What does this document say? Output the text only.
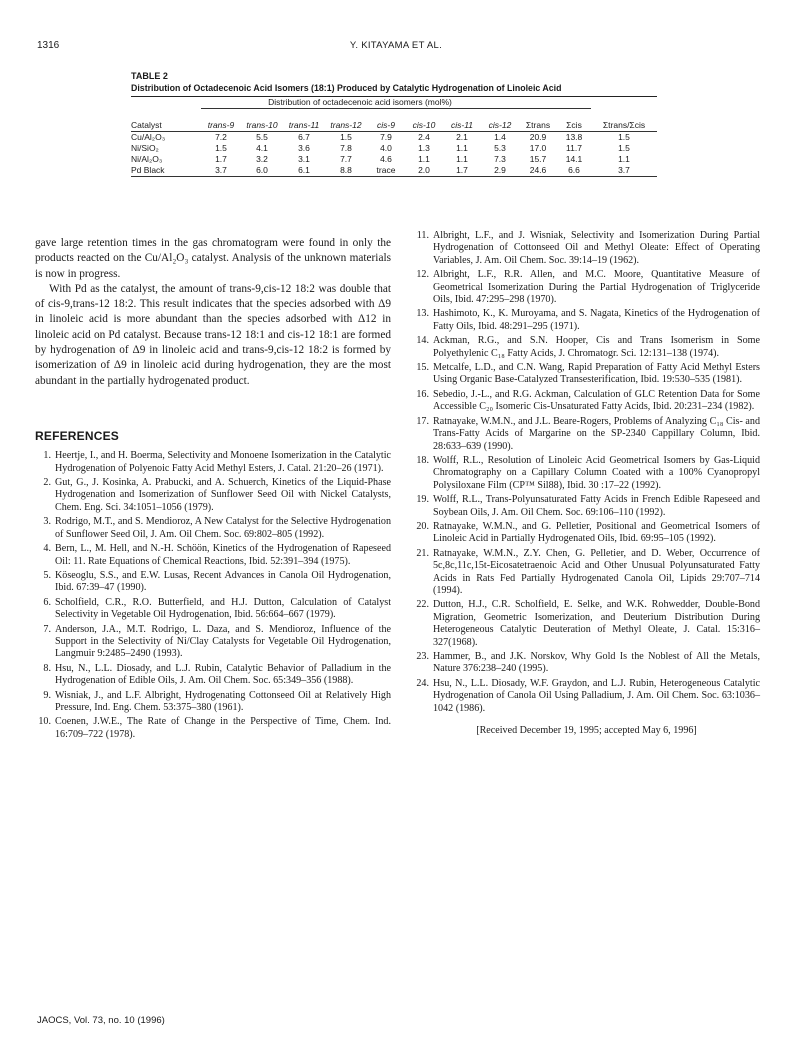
1316	Y. KITAYAMA ET AL.
TABLE 2
Distribution of Octadecenoic Acid Isomers (18:1) Produced by Catalytic Hydrogenation of Linoleic Acid
	Distribution of octadecenoic acid isomers (mol%)										

Catalyst	trans-9	trans-10	trans-11	trans-12	cis-9	cis-10	cis-11	cis-12	Σtrans	Σcis	Σtrans/Σcis
Cu/Al₂O₃	7.2	5.5	6.7	1.5	7.9	2.4	2.1	1.4	20.9	13.8	1.5
Ni/SiO₂	1.5	4.1	3.6	7.8	4.0	1.3	1.1	5.3	17.0	11.7	1.5
Ni/Al₂O₃	1.7	3.2	3.1	7.7	4.6	1.1	1.1	7.3	15.7	14.1	1.1
Pd Black	3.7	6.0	6.1	8.8	trace	2.0	1.7	2.9	24.6	6.6	3.7

gave large retention times in the gas chromatogram were found in only the products reacted on the Cu/Al₂O₃ catalyst. Analysis of the unknown materials is now in progress.

With Pd as the catalyst, the amount of trans-9,cis-12 18:2 was double that of cis-9,trans-12 18:2. This result indicates that the species adsorbed with Δ9 in linoleic acid is more abundant than the species adsorbed with Δ12 in linoleic acid on Pd catalyst. Because trans-12 18:1 and cis-12 18:1 are formed by hydrogenation of Δ9 in linoleic acid and trans-9,cis-12 18:2 is formed by isomerization of Δ9 in linoleic acid during hydrogenation, they are the most abundant in the partially hydrogenated product.

REFERENCES
1. Heertje, I., and H. Boerma, Selectivity and Monoene Isomerization in the Catalytic Hydrogenation of Polyenoic Fatty Acid Methyl Esters, J. Catal. 21:20–26 (1971).
2. Gut, G., J. Kosinka, A. Prabucki, and A. Schuerch, Kinetics of the Liquid-Phase Hydrogenation and Isomerization of Sunflower Seed Oil with Nickel Catalysts, Chem. Eng. Sci. 34:1051–1056 (1979).
3. Rodrigo, M.T., and S. Mendioroz, A New Catalyst for the Selective Hydrogenation of Sunflower Seed Oil, J. Am. Oil Chem. Soc. 69:802–805 (1992).
4. Bern, L., M. Hell, and N.-H. Schöön, Kinetics of the Hydrogenation of Rapeseed Oil: 11. Rate Equations of Chemical Reactions, Ibid. 52:391–394 (1975).
5. Köseoglu, S.S., and E.W. Lusas, Recent Advances in Canola Oil Hydrogenation, Ibid. 67:39–47 (1990).
6. Scholfield, C.R., R.O. Butterfield, and H.J. Dutton, Calculation of Catalyst Selectivity in Vegetable Oil Hydrogenation, Ibid. 56:664–667 (1979).
7. Anderson, J.A., M.T. Rodrigo, L. Daza, and S. Mendioroz, Influence of the Support in the Selectivity of Ni/Clay Catalysts for Vegetable Oil Hydrogenation, Langmuir 9:2485–2490 (1993).
8. Hsu, N., L.L. Diosady, and L.J. Rubin, Catalytic Behavior of Palladium in the Hydrogenation of Edible Oils, J. Am. Oil Chem. Soc. 65:349–356 (1988).
9. Wisniak, J., and L.F. Albright, Hydrogenating Cottonseed Oil at Relatively High Pressure, Ind. Eng. Chem. 53:375–380 (1961).
10. Coenen, J.W.E., The Rate of Change in the Perspective of Time, Chem. Ind. 16:709–722 (1978).
11. Albright, L.F., and J. Wisniak, Selectivity and Isomerization During Partial Hydrogenation of Cottonseed Oil and Methyl Oleate: Effect of Operating Variables, J. Am. Oil Chem. Soc. 39:14–19 (1962).
12. Albright, L.F., R.R. Allen, and M.C. Moore, Quantitative Measure of Geometrical Isomerization During the Partial Hydrogenation of Triglyceride Oils, Ibid. 47:295–298 (1970).
13. Hashimoto, K., K. Muroyama, and S. Nagata, Kinetics of the Hydrogenation of Fatty Oils, Ibid. 48:291–295 (1971).
14. Ackman, R.G., and S.N. Hooper, Cis and Trans Isomerism in Some Polyethylenic C₁₈ Fatty Acids, J. Chromatogr. Sci. 12:131–138 (1974).
15. Metcalfe, L.D., and C.N. Wang, Rapid Preparation of Fatty Acid Methyl Esters Using Organic Base-Catalyzed Transesterification, Ibid. 19:530–535 (1981).
16. Sebedio, J.-L., and R.G. Ackman, Calculation of GLC Retention Data for Some Accessible C₂₀ Isomeric Cis-Unsaturated Fatty Acids, Ibid. 20:231–234 (1982).
17. Ratnayake, W.M.N., and J.L. Beare-Rogers, Problems of Analyzing C₁₈ Cis- and Trans-Fatty Acids of Margarine on the SP-2340 Cappillary Column, Ibid. 28:633–639 (1990).
18. Wolff, R.L., Resolution of Linoleic Acid Geometrical Isomers by Gas-Liquid Chromatography on a Capillary Column Coated with a 100% Cyanopropyl Polysiloxane Film (CP™ Sil88), Ibid. 30 :17–22 (1992).
19. Wolff, R.L., Trans-Polyunsaturated Fatty Acids in French Edible Rapeseed and Soybean Oils, J. Am. Oil Chem. Soc. 69:106–110 (1992).
20. Ratnayake, W.M.N., and G. Pelletier, Positional and Geometrical Isomers of Linoleic Acid in Partially Hydrogenated Oils, Ibid. 69:95–105 (1992).
21. Ratnayake, W.M.N., Z.Y. Chen, G. Pelletier, and D. Weber, Occurrence of 5c,8c,11c,15t-Eicosatetraenoic Acid and Other Unusual Polyunsaturated Fatty Acids in Rats Fed Partially Hydrogenated Canola Oil, Lipids 29:707–714 (1994).
22. Dutton, H.J., C.R. Scholfield, E. Selke, and W.K. Rohwedder, Double-Bond Migration, Geometric Isomerization, and Deuterium Distribution During Heterogeneous Catalytic Deuteration of Methyl Oleate, J. Catal. 15:316–327(1968).
23. Hammer, B., and J.K. Norskov, Why Gold Is the Noblest of All the Metals, Nature 376:238–240 (1995).
24. Hsu, N., L.L. Diosady, W.F. Graydon, and L.J. Rubin, Heterogeneous Catalytic Hydrogenation of Canola Oil Using Palladium, J. Am. Oil Chem. Soc. 63:1036–1042 (1986).
[Received December 19, 1995; accepted May 6, 1996]
JAOCS, Vol. 73, no. 10 (1996)
